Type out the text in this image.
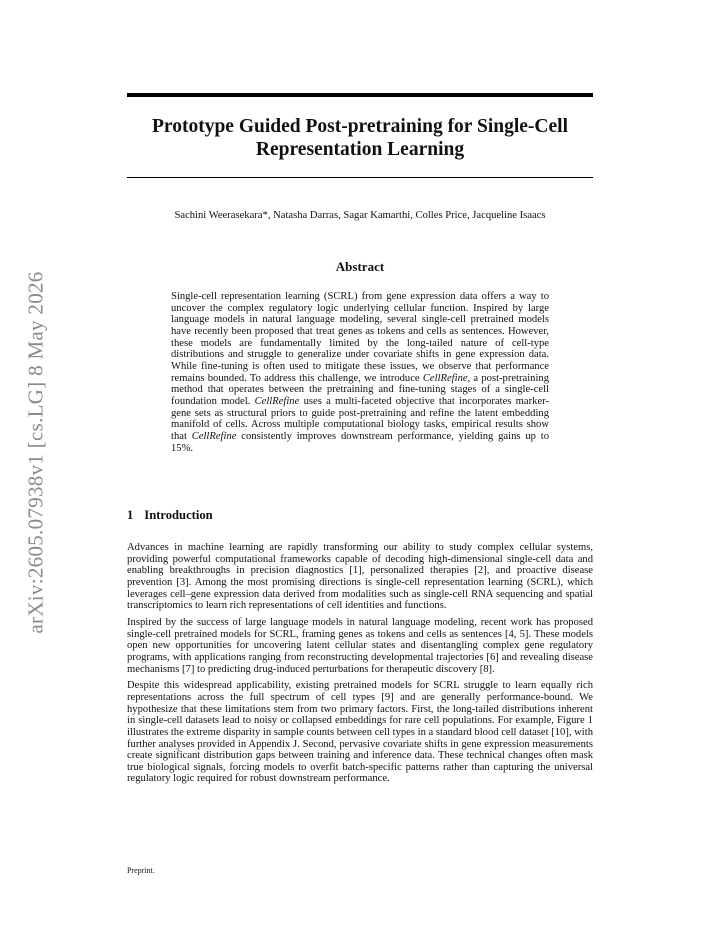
arXiv:2605.07938v1 [cs.LG] 8 May 2026
Prototype Guided Post-pretraining for Single-Cell
Representation Learning
Sachini Weerasekara*, Natasha Darras, Sagar Kamarthi, Colles Price, Jacqueline Isaacs
Abstract

Single-cell representation learning (SCRL) from gene expression data offers a way to uncover the complex regulatory logic underlying cellular function. Inspired by large language models in natural language modeling, several single-cell pretrained models have recently been proposed that treat genes as tokens and cells as sentences. However, these models are fundamentally limited by the long-tailed nature of cell-type distributions and struggle to generalize under covariate shifts in gene expression data. While fine-tuning is often used to mitigate these issues, we observe that performance remains bounded. To address this challenge, we introduce CellRefine, a post-pretraining method that operates between the pretraining and fine-tuning stages of a single-cell foundation model. CellRefine uses a multi-faceted objective that incorporates marker-gene sets as structural priors to guide post-pretraining and refine the latent embedding manifold of cells. Across multiple computational biology tasks, empirical results show that CellRefine consistently improves downstream performance, yielding gains up to 15%.

1 Introduction

Advances in machine learning are rapidly transforming our ability to study complex cellular systems, providing powerful computational frameworks capable of decoding high-dimensional single-cell data and enabling breakthroughs in precision diagnostics [1], personalized therapies [2], and proactive disease prevention [3]. Among the most promising directions is single-cell representation learning (SCRL), which leverages cell–gene expression data derived from modalities such as single-cell RNA sequencing and spatial transcriptomics to learn rich representations of cell identities and functions.

Inspired by the success of large language models in natural language modeling, recent work has proposed single-cell pretrained models for SCRL, framing genes as tokens and cells as sentences [4, 5]. These models open new opportunities for uncovering latent cellular states and disentangling complex gene regulatory programs, with applications ranging from reconstructing developmental trajectories [6] and revealing disease mechanisms [7] to predicting drug-induced perturbations for therapeutic discovery [8].

Despite this widespread applicability, existing pretrained models for SCRL struggle to learn equally rich representations across the full spectrum of cell types [9] and are generally performance-bound. We hypothesize that these limitations stem from two primary factors. First, the long-tailed distributions inherent in single-cell datasets lead to noisy or collapsed embeddings for rare cell populations. For example, Figure 1 illustrates the extreme disparity in sample counts between cell types in a standard blood cell dataset [10], with further analyses provided in Appendix J. Second, pervasive covariate shifts in gene expression measurements create significant distribution gaps between training and inference data. These technical changes often mask true biological signals, forcing models to overfit batch-specific patterns rather than capturing the universal regulatory logic required for robust downstream performance.

Preprint.
